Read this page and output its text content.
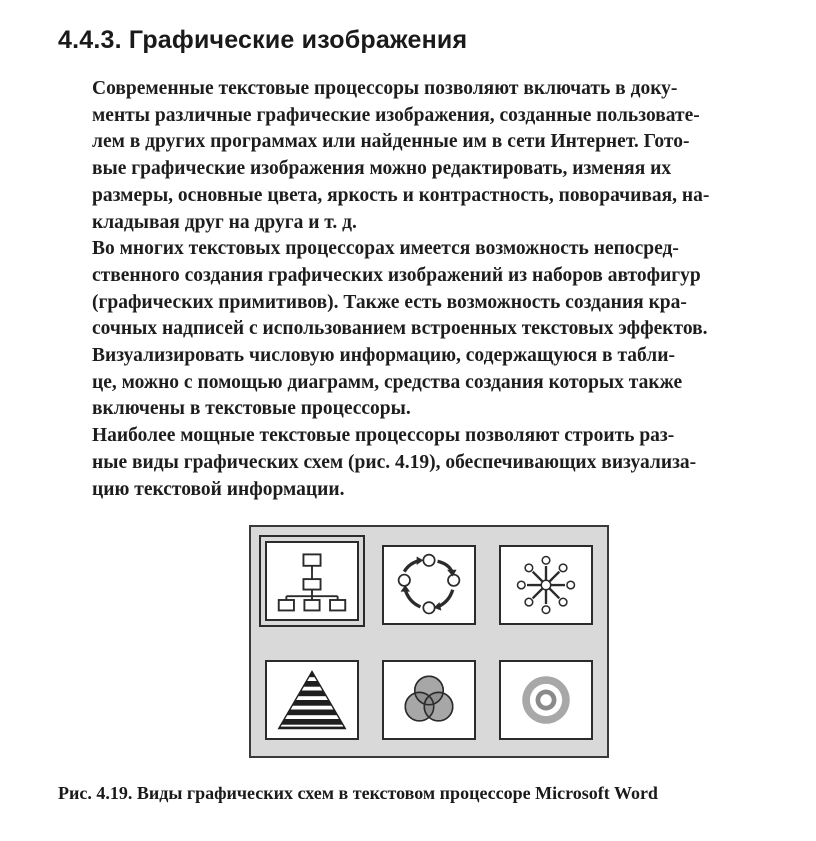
4.4.3. Графические изображения

Современные текстовые процессоры позволяют включать в доку-
менты различные графические изображения, созданные пользовате-
лем в других программах или найденные им в сети Интернет. Гото-
вые графические изображения можно редактировать, изменяя их
размеры, основные цвета, яркость и контрастность, поворачивая, на-
кладывая друг на друга и т. д.

Во многих текстовых процессорах имеется возможность непосред-
ственного создания графических изображений из наборов автофигур
(графических примитивов). Также есть возможность создания кра-
сочных надписей с использованием встроенных текстовых эффектов.

Визуализировать числовую информацию, содержащуюся в табли-
це, можно с помощью диаграмм, средства создания которых также
включены в текстовые процессоры.

Наиболее мощные текстовые процессоры позволяют строить раз-
ные виды графических схем (рис. 4.19), обеспечивающих визуализа-
цию текстовой информации.

Рис. 4.19. Виды графических схем в текстовом процессоре Microsoft Word
